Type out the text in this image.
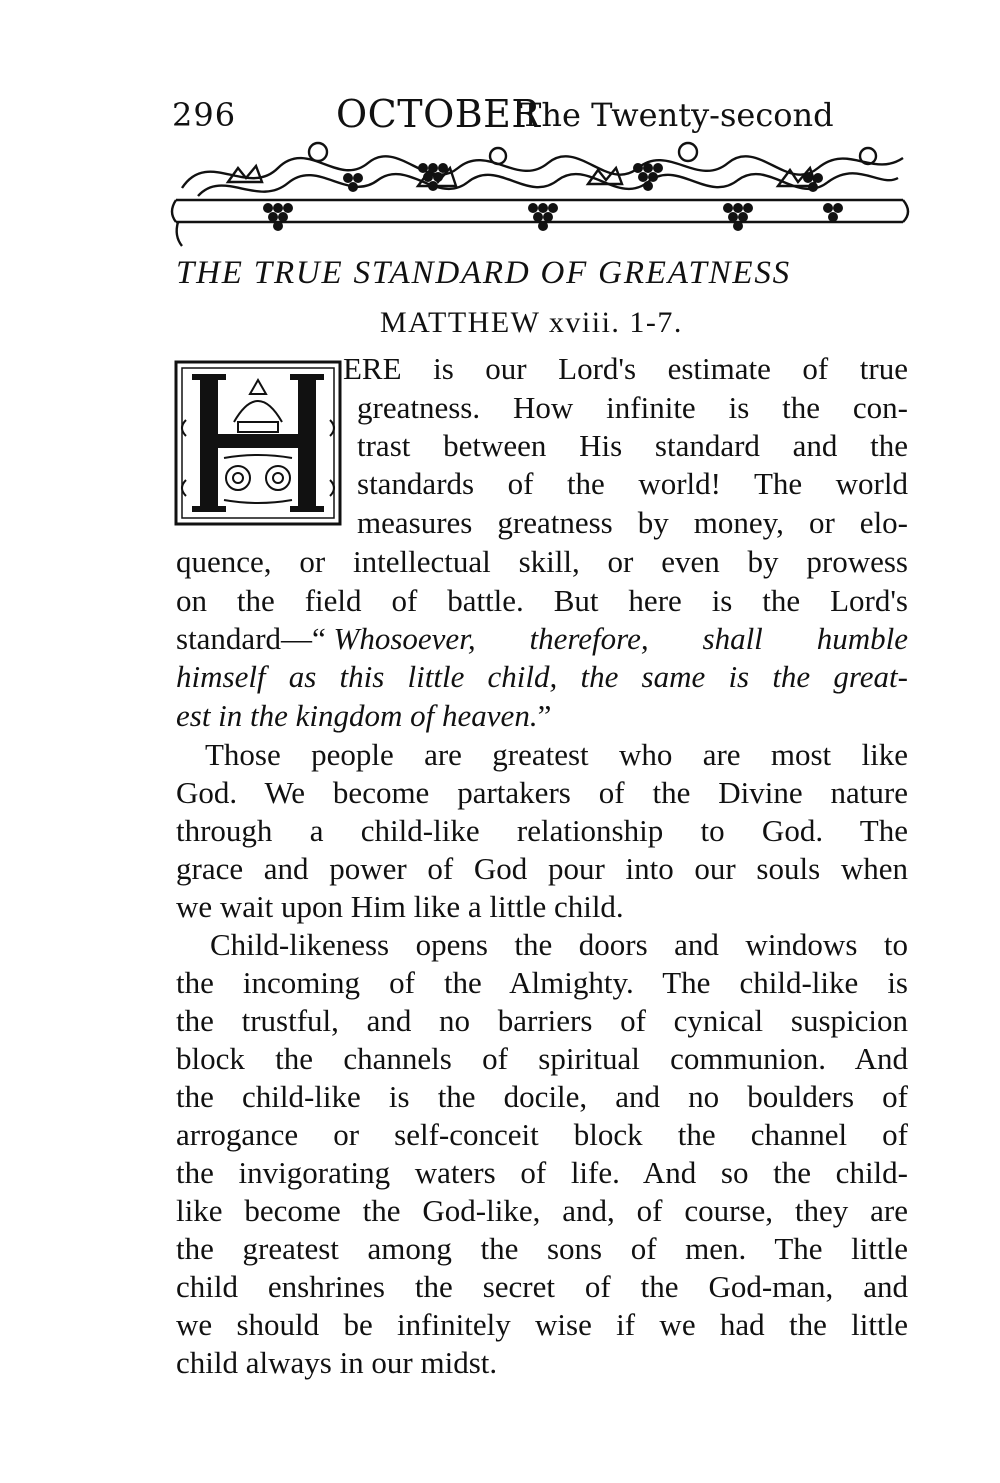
296	OCTOBER
The Twenty-second
THE TRUE STANDARD OF GREATNESS
MATTHEW xviii. 1-7.
ERE is our Lord's estimate of true
greatness. How infinite is the con-
trast between His standard and the
standards of the world! The world
measures greatness by money, or elo-
quence, or intellectual skill, or even by prowess
on the field of battle. But here is the Lord's
standard—“ Whosoever, therefore, shall humble
himself as this little child, the same is the great-
est in the kingdom of heaven.”
Those people are greatest who are most like
God. We become partakers of the Divine nature
through a child-like relationship to God. The
grace and power of God pour into our souls when
we wait upon Him like a little child.
Child-likeness opens the doors and windows to
the incoming of the Almighty. The child-like is
the trustful, and no barriers of cynical suspicion
block the channels of spiritual communion. And
the child-like is the docile, and no boulders of
arrogance or self-conceit block the channel of
the invigorating waters of life. And so the child-
like become the God-like, and, of course, they are
the greatest among the sons of men. The little
child enshrines the secret of the God-man, and
we should be infinitely wise if we had the little
child always in our midst.
